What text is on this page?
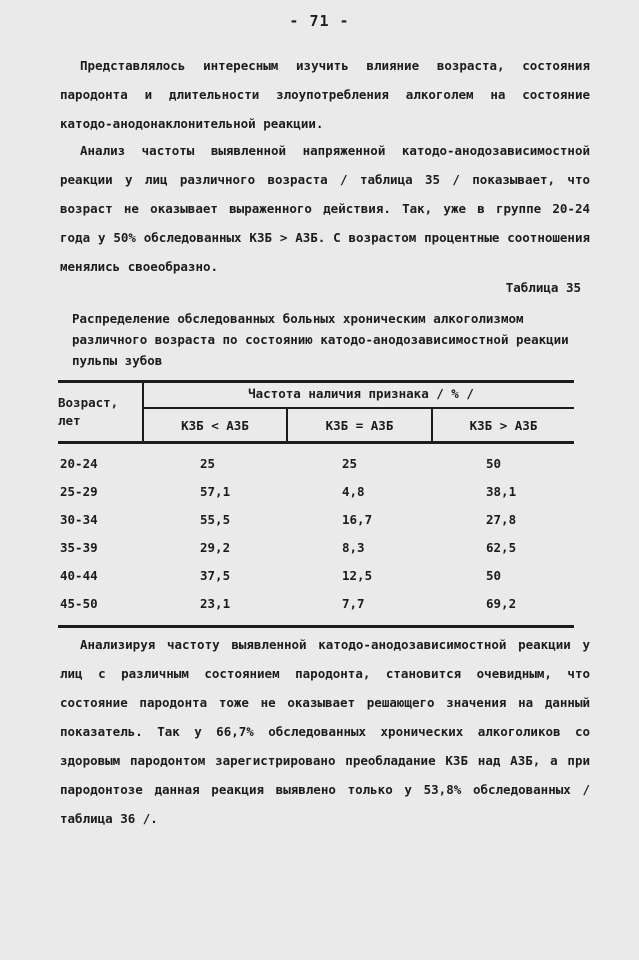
- 71 -

Представлялось интересным изучить влияние возраста, состояния пародонта и длительности злоупотребления алкоголем на состояние катодо-анодонаклонительной реакции.

Анализ частоты выявленной напряженной катодо-анодозависимостной реакции у лиц различного возраста / таблица 35 / показывает, что возраст не оказывает выраженного действия. Так, уже в группе 20-24 года у 50% обследованных КЗБ > АЗБ. С возрастом процентные соотношения менялись своеобразно.

Таблица 35

Распределение обследованных больных хроническим алкоголизмом различного возраста по состоянию катодо-анодозависимостной реакции пульпы зубов

Возраст, лет
Частота наличия признака / % /
КЗБ < АЗБ	КЗБ = АЗБ	КЗБ > АЗБ
20-24	25	25	50
25-29	57,1	4,8	38,1
30-34	55,5	16,7	27,8
35-39	29,2	8,3	62,5
40-44	37,5	12,5	50
45-50	23,1	7,7	69,2

Анализируя частоту выявленной катодо-анодозависимостной реакции у лиц с различным состоянием пародонта, становится очевидным, что состояние пародонта тоже не оказывает решающего значения на данный показатель. Так у 66,7% обследованных хронических алкоголиков со здоровым пародонтом зарегистрировано преобладание КЗБ над АЗБ, а при пародонтозе данная реакция выявлено только у 53,8% обследованных / таблица 36 /.
